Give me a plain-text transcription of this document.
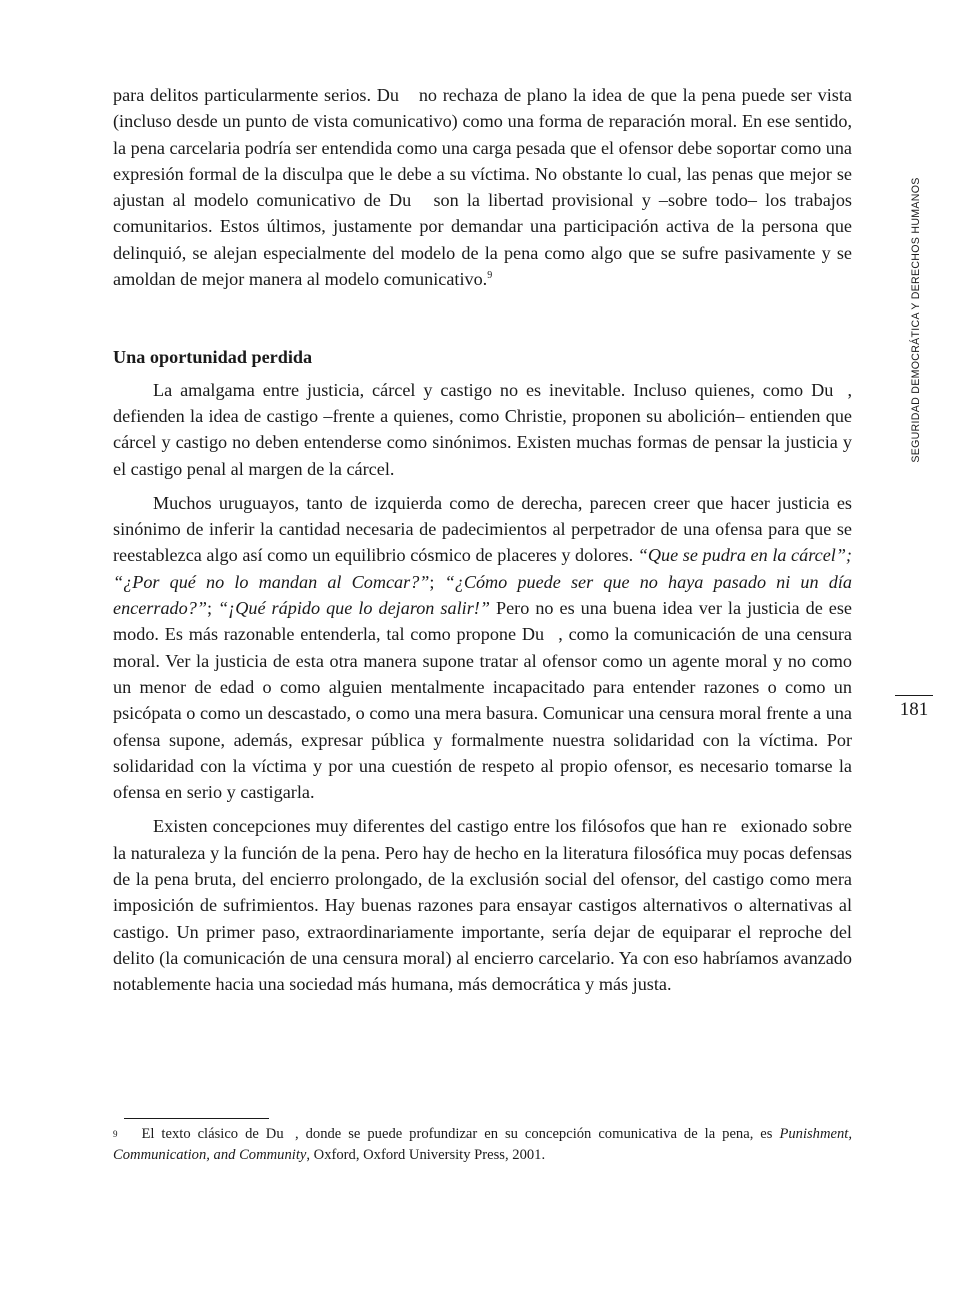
para delitos particularmente serios. Du  no rechaza de plano la idea de que la pena puede ser vista (incluso desde un punto de vista comunicativo) como una forma de reparación moral. En ese sentido, la pena carcelaria podría ser entendida como una carga pesada que el ofensor debe soportar como una expresión formal de la disculpa que le debe a su víctima. No obstante lo cual, las penas que mejor se ajustan al modelo comunicativo de Du  son la libertad provisional y –sobre todo– los trabajos comunitarios. Estos últimos, justamente por demandar una participación activa de la persona que delinquió, se alejan especialmente del modelo de la pena como algo que se sufre pasivamente y se amoldan de mejor manera al modelo comunicativo.$^9$

Una oportunidad perdida

La amalgama entre justicia, cárcel y castigo no es inevitable. Incluso quienes, como Du , defienden la idea de castigo –frente a quienes, como Christie, proponen su abolición– entienden que cárcel y castigo no deben entenderse como sinónimos. Existen muchas formas de pensar la justicia y el castigo penal al margen de la cárcel.

Muchos uruguayos, tanto de izquierda como de derecha, parecen creer que hacer justicia es sinónimo de inferir la cantidad necesaria de padecimientos al perpetrador de una ofensa para que se reestablezca algo así como un equilibrio cósmico de placeres y dolores. “Que se pudra en la cárcel”; “¿Por qué no lo mandan al Comcar?”; “¿Cómo puede ser que no haya pasado ni un día encerrado?”; “¡Qué rápido que lo dejaron salir!” Pero no es una buena idea ver la justicia de ese modo. Es más razonable entenderla, tal como propone Du , como la comunicación de una censura moral. Ver la justicia de esta otra manera supone tratar al ofensor como un agente moral y no como un menor de edad o como alguien mentalmente incapacitado para entender razones o como un psicópata o como un descastado, o como una mera basura. Comunicar una censura moral frente a una ofensa supone, además, expresar pública y formalmente nuestra solidaridad con la víctima. Por solidaridad con la víctima y por una cuestión de respeto al propio ofensor, es necesario tomarse la ofensa en serio y castigarla.

Existen concepciones muy diferentes del castigo entre los filósofos que han re exionado sobre la naturaleza y la función de la pena. Pero hay de hecho en la literatura filosófica muy pocas defensas de la pena bruta, del encierro prolongado, de la exclusión social del ofensor, del castigo como mera imposición de sufrimientos. Hay buenas razones para ensayar castigos alternativos o alternativas al castigo. Un primer paso, extraordinariamente importante, sería dejar de equiparar el reproche del delito (la comunicación de una censura moral) al encierro carcelario. Ya con eso habríamos avanzado notablemente hacia una sociedad más humana, más democrática y más justa.

$^9$ El texto clásico de Du , donde se puede profundizar en su concepción comunicativa de la pena, es Punishment, Communication, and Community, Oxford, Oxford University Press, 2001.
SEGURIDAD DEMOCRÁTICA Y DERECHOS HUMANOS
181
